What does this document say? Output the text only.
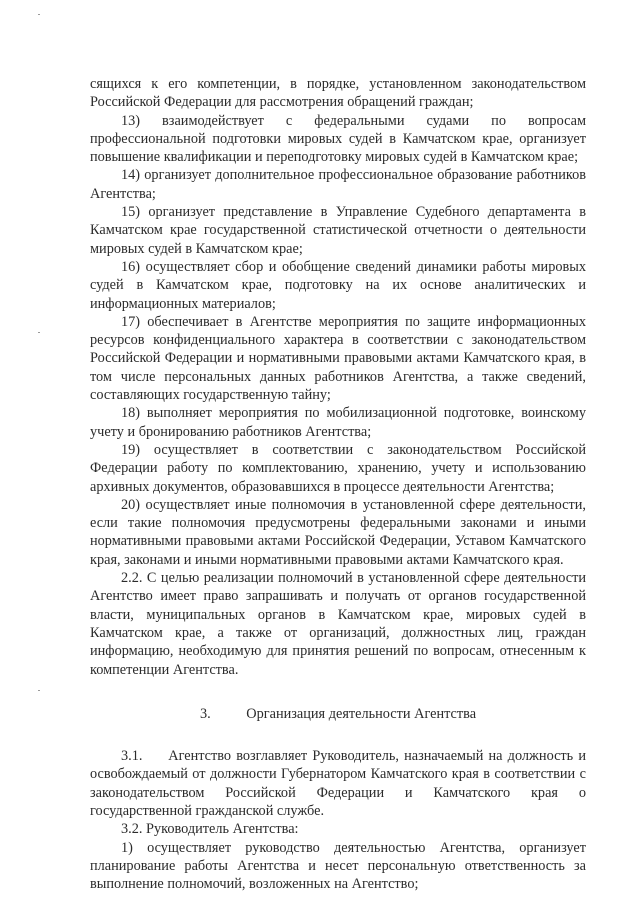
сящихся к его компетенции, в порядке, установленном законодательством Российской Федерации для рассмотрения обращений граждан;

13) взаимодействует с федеральными судами по вопросам профессиональной подготовки мировых судей в Камчатском крае, организует повышение квалификации и переподготовку мировых судей в Камчатском крае;

14) организует дополнительное профессиональное образование работников Агентства;

15) организует представление в Управление Судебного департамента в Камчатском крае государственной статистической отчетности о деятельности мировых судей в Камчатском крае;

16) осуществляет сбор и обобщение сведений динамики работы мировых судей в Камчатском крае, подготовку на их основе аналитических и информационных материалов;

17) обеспечивает в Агентстве мероприятия по защите информационных ресурсов конфиденциального характера в соответствии с законодательством Российской Федерации и нормативными правовыми актами Камчатского края, в том числе персональных данных работников Агентства, а также сведений, составляющих государственную тайну;

18) выполняет мероприятия по мобилизационной подготовке, воинскому учету и бронированию работников Агентства;

19) осуществляет в соответствии с законодательством Российской Федерации работу по комплектованию, хранению, учету и использованию архивных документов, образовавшихся в процессе деятельности Агентства;

20) осуществляет иные полномочия в установленной сфере деятельности, если такие полномочия предусмотрены федеральными законами и иными нормативными правовыми актами Российской Федерации, Уставом Камчатского края, законами и иными нормативными правовыми актами Камчатского края.

2.2. С целью реализации полномочий в установленной сфере деятельности Агентство имеет право запрашивать и получать от органов государственной власти, муниципальных органов в Камчатском крае, мировых судей в Камчатском крае, а также от организаций, должностных лиц, граждан информацию, необходимую для принятия решений по вопросам, отнесенным к компетенции Агентства.

3. Организация деятельности Агентства

3.1.     Агентство возглавляет Руководитель, назначаемый на должность и освобождаемый от должности Губернатором Камчатского края в соответствии с законодательством Российской Федерации и Камчатского края о государственной гражданской службе.

3.2. Руководитель Агентства:

1) осуществляет руководство деятельностью Агентства, организует планирование работы Агентства и несет персональную ответственность за выполнение полномочий, возложенных на Агентство;
